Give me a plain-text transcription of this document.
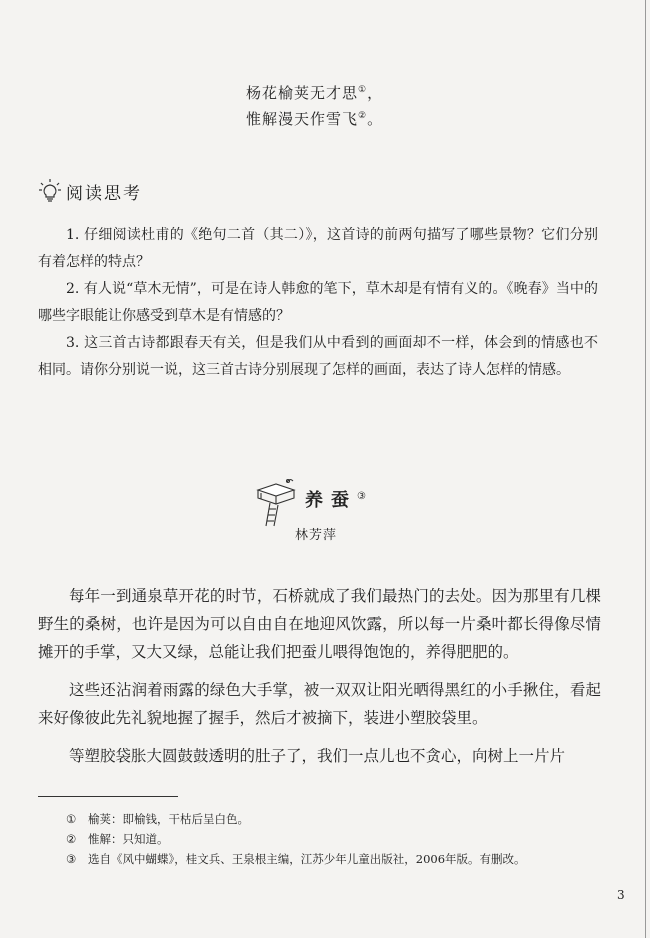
杨花榆荚无才思①，
惟解漫天作雪飞②。
阅读思考

1. 仔细阅读杜甫的《绝句二首（其二）》，这首诗的前两句描写了哪些景物？它们分别有着怎样的特点？

2. 有人说“草木无情”，可是在诗人韩愈的笔下，草木却是有情有义的。《晚春》当中的哪些字眼能让你感受到草木是有情感的？

3. 这三首古诗都跟春天有关，但是我们从中看到的画面却不一样，体会到的情感也不相同。请你分别说一说，这三首古诗分别展现了怎样的画面，表达了诗人怎样的情感。

养蚕③
林芳萍

每年一到通泉草开花的时节，石桥就成了我们最热门的去处。因为那里有几棵野生的桑树，也许是因为可以自由自在地迎风饮露，所以每一片桑叶都长得像尽情摊开的手掌，又大又绿，总能让我们把蚕儿喂得饱饱的，养得肥肥的。

这些还沾润着雨露的绿色大手掌，被一双双让阳光晒得黑红的小手揪住，看起来好像彼此先礼貌地握了握手，然后才被摘下，装进小塑胶袋里。

等塑胶袋胀大圆鼓鼓透明的肚子了，我们一点儿也不贪心，向树上一片片

① 榆荚：即榆钱，干枯后呈白色。
② 惟解：只知道。
③ 选自《风中蝴蝶》，桂文兵、王泉根主编，江苏少年儿童出版社，2006年版。有删改。
3
